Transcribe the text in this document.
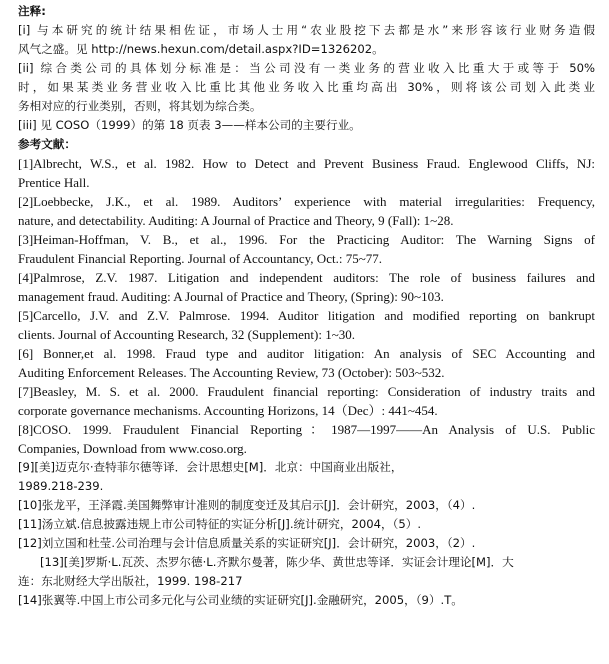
注释:
[i] 与本研究的统计结果相佐证，市场人士用“农业股挖下去都是水”来形容该行业财务造假
风气之盛。见 http://news.hexun.com/detail.aspx?ID=1326202。
[ii] 综合类公司的具体划分标准是：当公司没有一类业务的营业收入比重大于或等于 50%
时，如果某类业务营业收入比重比其他业务收入比重均高出 30%，则将该公司划入此类业
务相对应的行业类别，否则，将其划为综合类。
[iii] 见 COSO（1999）的第 18 页表 3——样本公司的主要行业。
参考文献：
[1]Albrecht, W.S., et al. 1982. How to Detect and Prevent Business Fraud. Englewood Cliffs, NJ:
Prentice Hall.
[2]Loebbecke, J.K., et al. 1989. Auditors’ experience with material irregularities: Frequency,
nature, and detectability. Auditing: A Journal of Practice and Theory, 9 (Fall): 1~28.
[3]Heiman-Hoffman, V. B., et al., 1996. For the Practicing Auditor: The Warning Signs of
Fraudulent Financial Reporting. Journal of Accountancy, Oct.: 75~77.
[4]Palmrose, Z.V. 1987. Litigation and independent auditors: The role of business failures and
management fraud. Auditing: A Journal of Practice and Theory, (Spring): 90~103.
[5]Carcello, J.V. and Z.V. Palmrose. 1994. Auditor litigation and modified reporting on bankrupt
clients. Journal of Accounting Research, 32 (Supplement): 1~30.
[6] Bonner,et al. 1998. Fraud type and auditor litigation: An analysis of SEC Accounting and
Auditing Enforcement Releases. The Accounting Review, 73 (October): 503~532.
[7]Beasley, M. S. et al. 2000. Fraudulent financial reporting: Consideration of industry traits and
corporate governance mechanisms. Accounting Horizons, 14（Dec）: 441~454.
[8]COSO. 1999. Fraudulent Financial Reporting：1987—1997——An Analysis of U.S. Public
Companies, Download from www.coso.org.
[9][美]迈克尔·查特菲尔德等译．会计思想史[M]．北京：中国商业出版社，
1989.218-239.
[10]张龙平，王泽霞.美国舞弊审计准则的制度变迁及其启示[J]．会计研究，2003，（4）.
[11]汤立斌.信息披露违规上市公司特征的实证分析[J].统计研究，2004，（5）.
[12]刘立国和杜莹.公司治理与会计信息质量关系的实证研究[J]．会计研究，2003，（2）.
[13][美]罗斯·L.瓦茨、杰罗尔德·L.齐默尔曼著，陈少华、黄世忠等译．实证会计理论[M]．大
连：东北财经大学出版社，1999. 198-217
[14]张翼等.中国上市公司多元化与公司业绩的实证研究[J].金融研究，2005，（9）.T。
